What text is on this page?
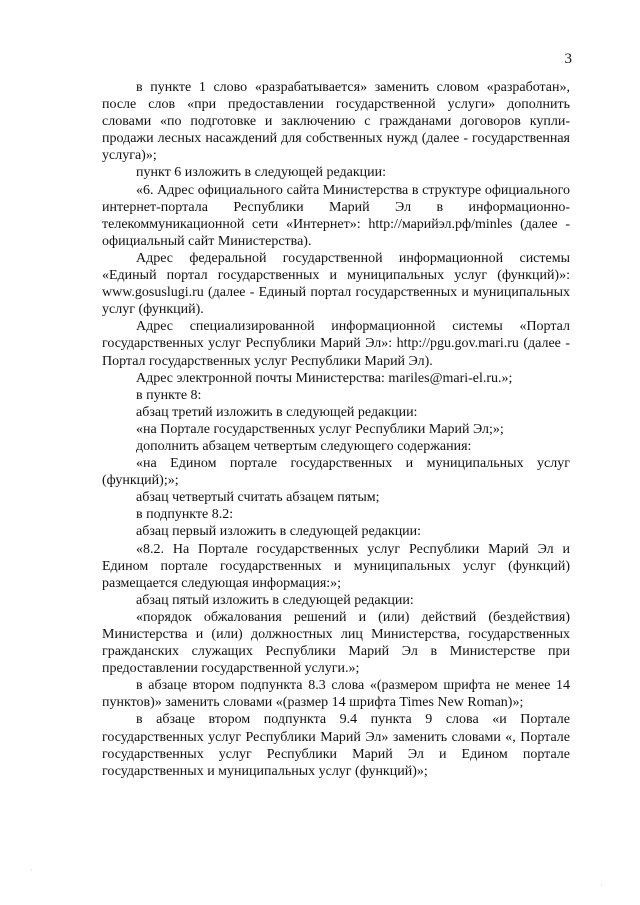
3

в пункте 1 слово «разрабатывается» заменить словом «разработан», после слов «при предоставлении государственной услуги» дополнить словами «по подготовке и заключению с гражданами договоров купли-продажи лесных насаждений для собственных нужд (далее - государственная услуга)»;

пункт 6 изложить в следующей редакции:

«6. Адрес официального сайта Министерства в структуре официального интернет-портала Республики Марий Эл в информационно-телекоммуникационной сети «Интернет»: http://марийэл.рф/minles (далее - официальный сайт Министерства).

Адрес федеральной государственной информационной системы «Единый портал государственных и муниципальных услуг (функций)»: www.gosuslugi.ru (далее - Единый портал государственных и муниципальных услуг (функций).

Адрес специализированной информационной системы «Портал государственных услуг Республики Марий Эл»: http://pgu.gov.mari.ru (далее - Портал государственных услуг Республики Марий Эл).

Адрес электронной почты Министерства: mariles@mari-el.ru.»;

в пункте 8:

абзац третий изложить в следующей редакции:

«на Портале государственных услуг Республики Марий Эл;»;

дополнить абзацем четвертым следующего содержания:

«на Едином портале государственных и муниципальных услуг (функций);»;

абзац четвертый считать абзацем пятым;

в подпункте 8.2:

абзац первый изложить в следующей редакции:

«8.2. На Портале государственных услуг Республики Марий Эл и Едином портале государственных и муниципальных услуг (функций) размещается следующая информация:»;

абзац пятый изложить в следующей редакции:

«порядок обжалования решений и (или) действий (бездействия) Министерства и (или) должностных лиц Министерства, государственных гражданских служащих Республики Марий Эл в Министерстве при предоставлении государственной услуги.»;

в абзаце втором подпункта 8.3 слова «(размером шрифта не менее 14 пунктов)» заменить словами «(размер 14 шрифта Times New Roman)»;

в абзаце втором подпункта 9.4 пункта 9 слова «и Портале государственных услуг Республики Марий Эл» заменить словами «, Портале государственных услуг Республики Марий Эл и Едином портале государственных и муниципальных услуг (функций)»;

·
·
